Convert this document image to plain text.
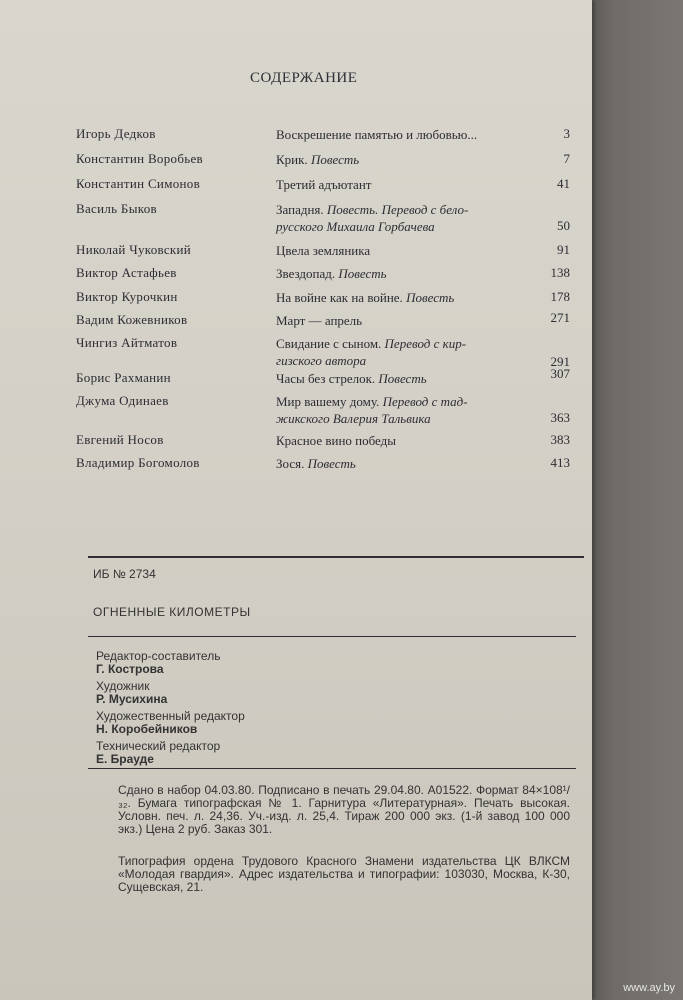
СОДЕРЖАНИЕ
Игорь Дедков	Воскрешение памятью и любовью...	3
Константин Воробьев	Крик. Повесть	7
Константин Симонов	Третий адъютант	41
Василь Быков	Западня. Повесть. Перевод с бело-
русского Михаила Горбачева	50
Николай Чуковский	Цвела земляника	91
Виктор Астафьев	Звездопад. Повесть	138
Виктор Курочкин	На войне как на войне. Повесть	178
Вадим Кожевников	Март — апрель	271
Чингиз Айтматов	Свидание с сыном. Перевод с кир-
гизского автора	291
Борис Рахманин	Часы без стрелок. Повесть	307
Джума Одинаев	Мир вашему дому. Перевод с тад-
жикского Валерия Тальвика	363
Евгений Носов	Красное вино победы	383
Владимир Богомолов	Зося. Повесть	413
ИБ № 2734
ОГНЕННЫЕ КИЛОМЕТРЫ
Редактор-составитель
Г. Кострова
Художник
Р. Мусихина
Художественный редактор
Н. Коробейников
Технический редактор
Е. Брауде
Сдано в набор 04.03.80. Подписано в печать 29.04.80. А01522. Формат 84×108¹/₃₂. Бумага типографская № 1. Гарнитура «Литературная». Печать высокая. Условн. печ. л. 24,36. Уч.-изд. л. 25,4. Тираж 200 000 экз. (1-й завод 100 000 экз.) Цена 2 руб. Заказ 301.
Типография ордена Трудового Красного Знамени издательства ЦК ВЛКСМ «Молодая гвардия». Адрес издательства и типографии: 103030, Москва, К-30, Сущевская, 21.
www.ay.by
